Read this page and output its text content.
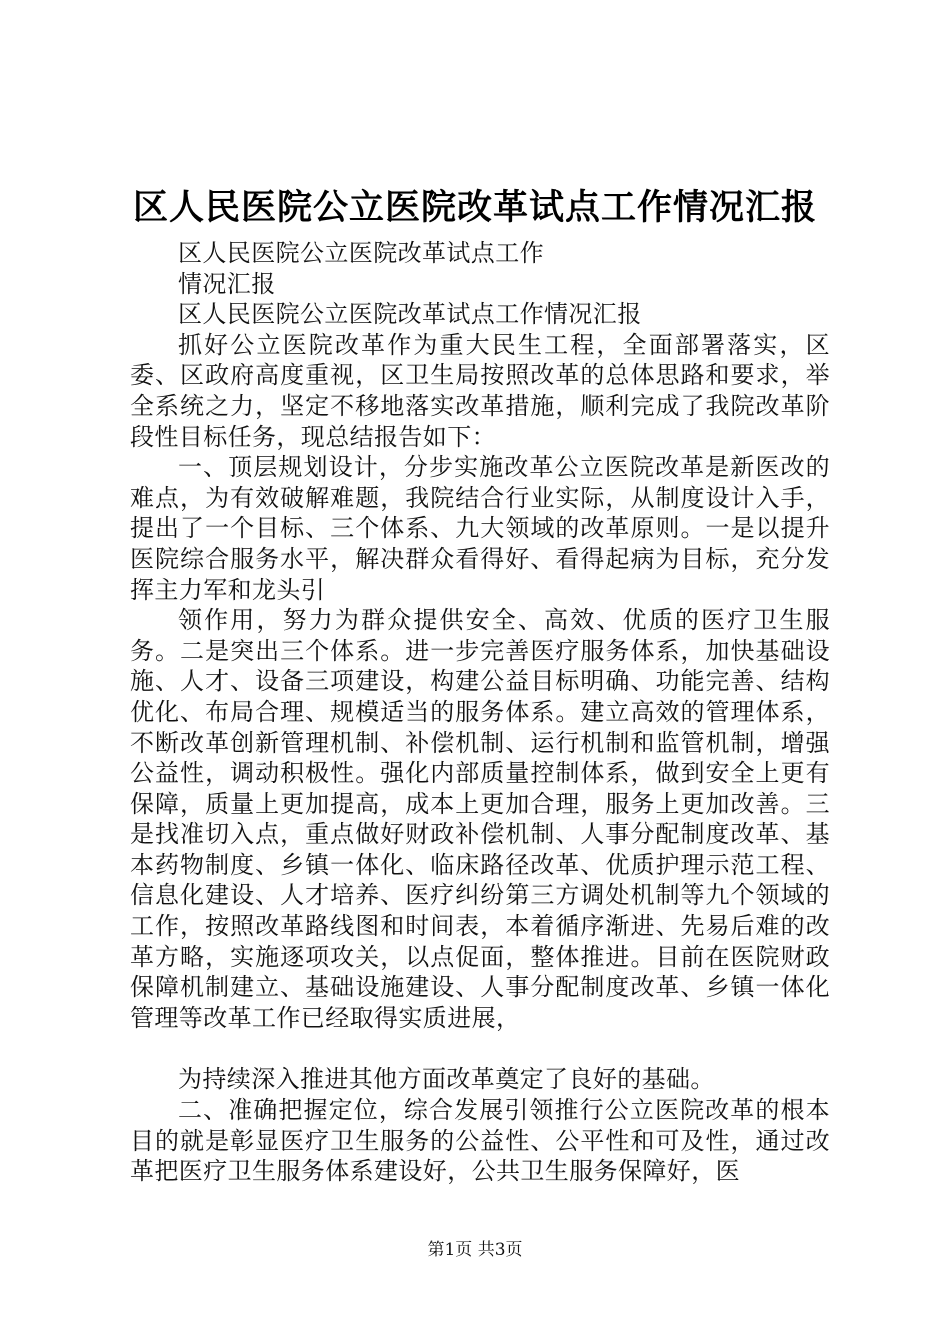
区人民医院公立医院改革试点工作情况汇报

区人民医院公立医院改革试点工作

情况汇报

区人民医院公立医院改革试点工作情况汇报

抓好公立医院改革作为重大民生工程，全面部署落实，区委、区政府高度重视，区卫生局按照改革的总体思路和要求，举全系统之力，坚定不移地落实改革措施，顺利完成了我院改革阶段性目标任务，现总结报告如下：

一、顶层规划设计，分步实施改革公立医院改革是新医改的难点，为有效破解难题，我院结合行业实际，从制度设计入手，提出了一个目标、三个体系、九大领域的改革原则。一是以提升医院综合服务水平，解决群众看得好、看得起病为目标，充分发挥主力军和龙头引

领作用，努力为群众提供安全、高效、优质的医疗卫生服务。二是突出三个体系。进一步完善医疗服务体系，加快基础设施、人才、设备三项建设，构建公益目标明确、功能完善、结构优化、布局合理、规模适当的服务体系。建立高效的管理体系，不断改革创新管理机制、补偿机制、运行机制和监管机制，增强公益性，调动积极性。强化内部质量控制体系，做到安全上更有保障，质量上更加提高，成本上更加合理，服务上更加改善。三是找准切入点，重点做好财政补偿机制、人事分配制度改革、基本药物制度、乡镇一体化、临床路径改革、优质护理示范工程、信息化建设、人才培养、医疗纠纷第三方调处机制等九个领域的工作，按照改革路线图和时间表，本着循序渐进、先易后难的改革方略，实施逐项攻关，以点促面，整体推进。目前在医院财政保障机制建立、基础设施建设、人事分配制度改革、乡镇一体化管理等改革工作已经取得实质进展，

为持续深入推进其他方面改革奠定了良好的基础。

二、准确把握定位，综合发展引领推行公立医院改革的根本目的就是彰显医疗卫生服务的公益性、公平性和可及性，通过改革把医疗卫生服务体系建设好，公共卫生服务保障好，医

第1页 共3页
